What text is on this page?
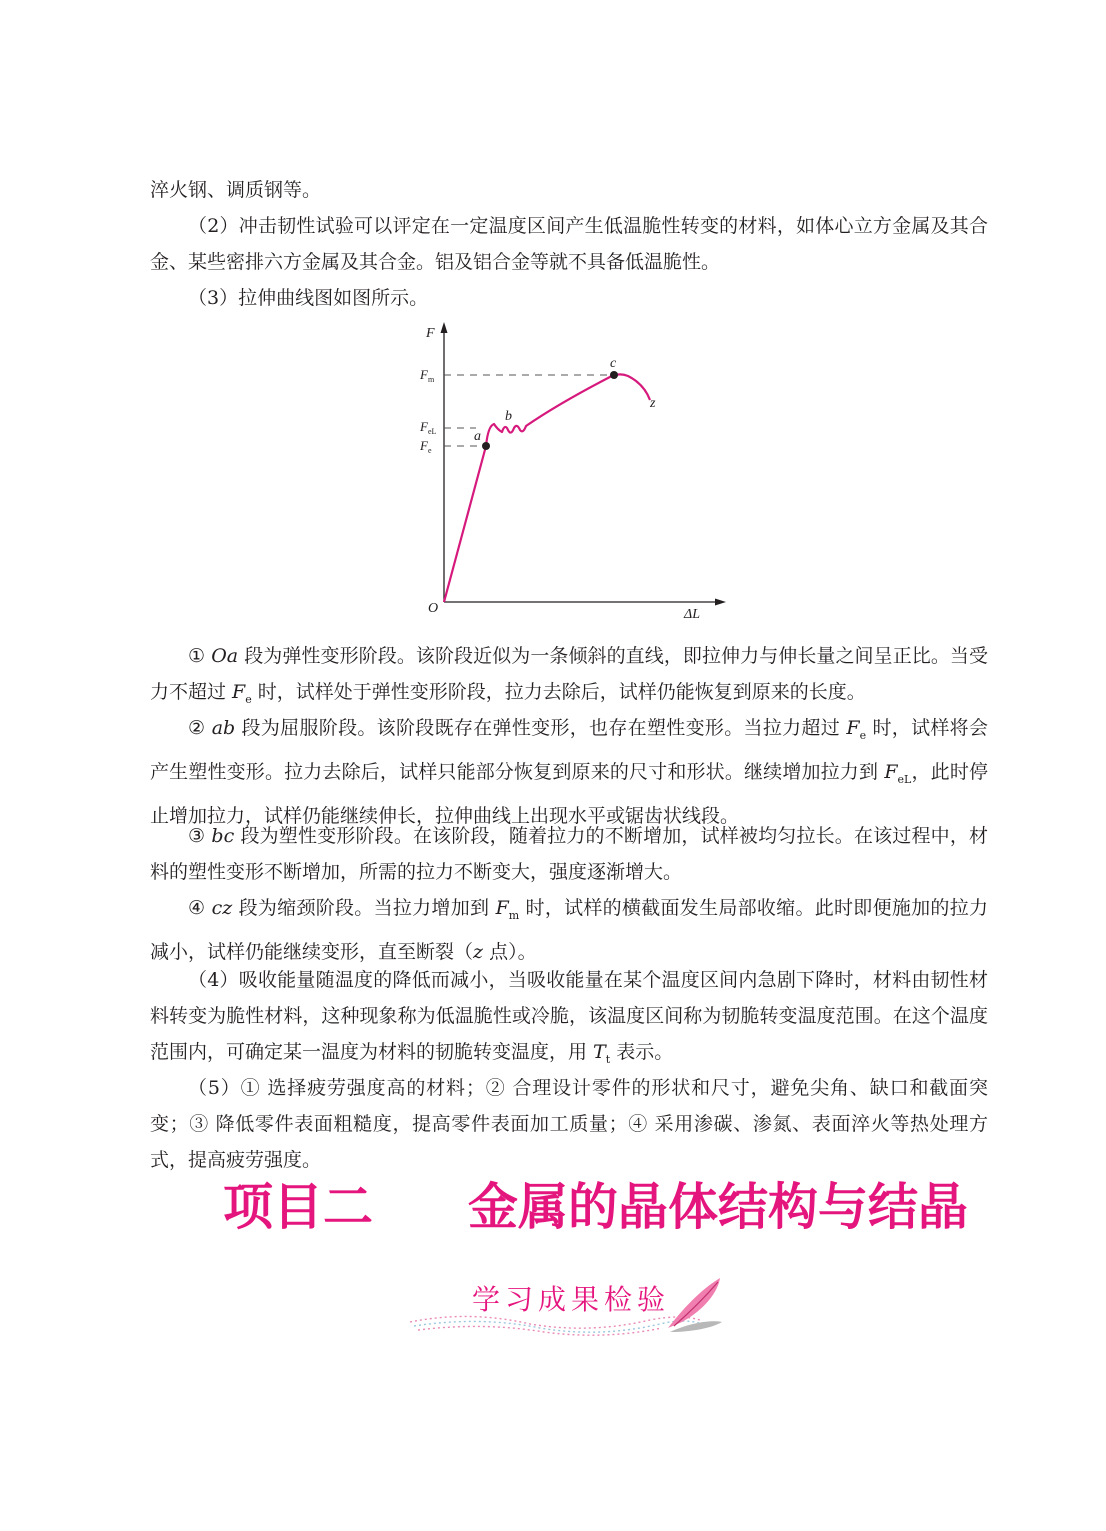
淬火钢、调质钢等。

（2）冲击韧性试验可以评定在一定温度区间产生低温脆性转变的材料，如体心立方金属及其合金、某些密排六方金属及其合金。铝及铝合金等就不具备低温脆性。

（3）拉伸曲线图如图所示。

F
ΔL
O
F m
F eL
F e
a
b
c
z

① Oa 段为弹性变形阶段。该阶段近似为一条倾斜的直线，即拉伸力与伸长量之间呈正比。当受力不超过 $F_e$ 时，试样处于弹性变形阶段，拉力去除后，试样仍能恢复到原来的长度。

② ab 段为屈服阶段。该阶段既存在弹性变形，也存在塑性变形。当拉力超过 $F_e$ 时，试样将会产生塑性变形。拉力去除后，试样只能部分恢复到原来的尺寸和形状。继续增加拉力到 $F_{eL}$，此时停止增加拉力，试样仍能继续伸长，拉伸曲线上出现水平或锯齿状线段。

③ bc 段为塑性变形阶段。在该阶段，随着拉力的不断增加，试样被均匀拉长。在该过程中，材料的塑性变形不断增加，所需的拉力不断变大，强度逐渐增大。

④ cz 段为缩颈阶段。当拉力增加到 $F_m$ 时，试样的横截面发生局部收缩。此时即便施加的拉力减小，试样仍能继续变形，直至断裂（z 点）。

（4）吸收能量随温度的降低而减小，当吸收能量在某个温度区间内急剧下降时，材料由韧性材料转变为脆性材料，这种现象称为低温脆性或冷脆，该温度区间称为韧脆转变温度范围。在这个温度范围内，可确定某一温度为材料的韧脆转变温度，用 $T_t$ 表示。

（5）① 选择疲劳强度高的材料；② 合理设计零件的形状和尺寸，避免尖角、缺口和截面突变；③ 降低零件表面粗糙度，提高零件表面加工质量；④ 采用渗碳、渗氮、表面淬火等热处理方式，提高疲劳强度。

项目二 金属的晶体结构与结晶
学习成果检验
